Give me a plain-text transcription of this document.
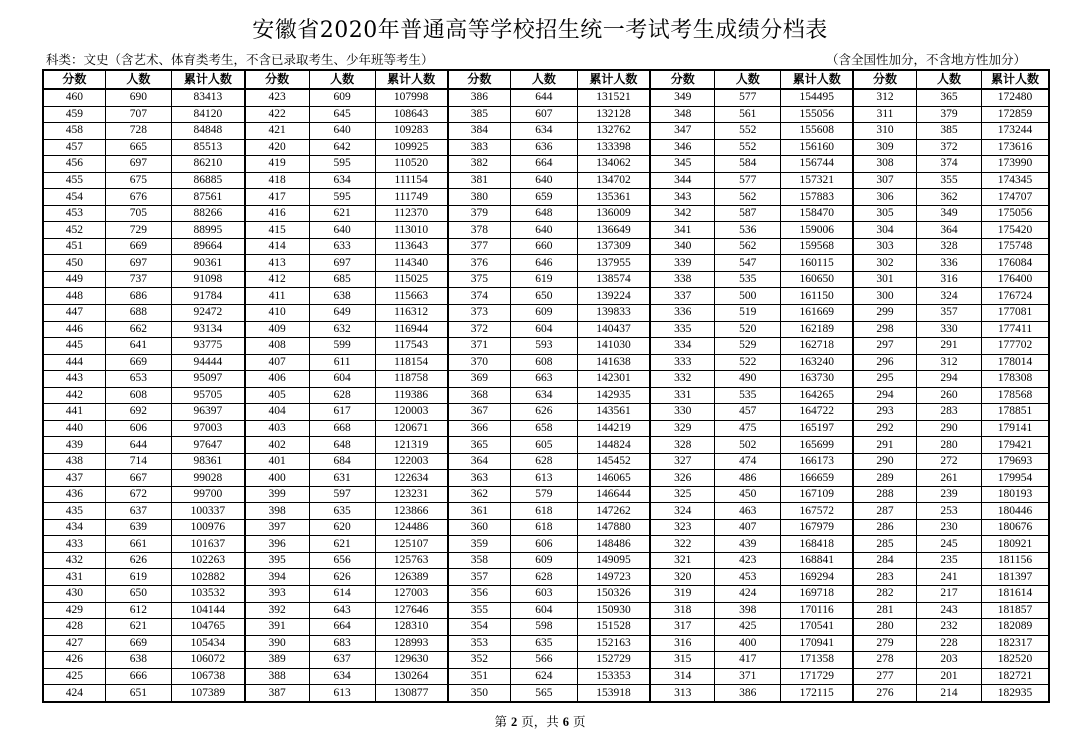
安徽省2020年普通高等学校招生统一考试考生成绩分档表
科类：文史（含艺术、体育类考生，不含已录取考生、少年班等考生）	（含全国性加分，不含地方性加分）
分数	人数	累计人数	分数	人数	累计人数	分数	人数	累计人数	分数	人数	累计人数	分数	人数	累计人数
460	690	83413	423	609	107998	386	644	131521	349	577	154495	312	365	172480
459	707	84120	422	645	108643	385	607	132128	348	561	155056	311	379	172859
458	728	84848	421	640	109283	384	634	132762	347	552	155608	310	385	173244
457	665	85513	420	642	109925	383	636	133398	346	552	156160	309	372	173616
456	697	86210	419	595	110520	382	664	134062	345	584	156744	308	374	173990
455	675	86885	418	634	111154	381	640	134702	344	577	157321	307	355	174345
454	676	87561	417	595	111749	380	659	135361	343	562	157883	306	362	174707
453	705	88266	416	621	112370	379	648	136009	342	587	158470	305	349	175056
452	729	88995	415	640	113010	378	640	136649	341	536	159006	304	364	175420
451	669	89664	414	633	113643	377	660	137309	340	562	159568	303	328	175748
450	697	90361	413	697	114340	376	646	137955	339	547	160115	302	336	176084
449	737	91098	412	685	115025	375	619	138574	338	535	160650	301	316	176400
448	686	91784	411	638	115663	374	650	139224	337	500	161150	300	324	176724
447	688	92472	410	649	116312	373	609	139833	336	519	161669	299	357	177081
446	662	93134	409	632	116944	372	604	140437	335	520	162189	298	330	177411
445	641	93775	408	599	117543	371	593	141030	334	529	162718	297	291	177702
444	669	94444	407	611	118154	370	608	141638	333	522	163240	296	312	178014
443	653	95097	406	604	118758	369	663	142301	332	490	163730	295	294	178308
442	608	95705	405	628	119386	368	634	142935	331	535	164265	294	260	178568
441	692	96397	404	617	120003	367	626	143561	330	457	164722	293	283	178851
440	606	97003	403	668	120671	366	658	144219	329	475	165197	292	290	179141
439	644	97647	402	648	121319	365	605	144824	328	502	165699	291	280	179421
438	714	98361	401	684	122003	364	628	145452	327	474	166173	290	272	179693
437	667	99028	400	631	122634	363	613	146065	326	486	166659	289	261	179954
436	672	99700	399	597	123231	362	579	146644	325	450	167109	288	239	180193
435	637	100337	398	635	123866	361	618	147262	324	463	167572	287	253	180446
434	639	100976	397	620	124486	360	618	147880	323	407	167979	286	230	180676
433	661	101637	396	621	125107	359	606	148486	322	439	168418	285	245	180921
432	626	102263	395	656	125763	358	609	149095	321	423	168841	284	235	181156
431	619	102882	394	626	126389	357	628	149723	320	453	169294	283	241	181397
430	650	103532	393	614	127003	356	603	150326	319	424	169718	282	217	181614
429	612	104144	392	643	127646	355	604	150930	318	398	170116	281	243	181857
428	621	104765	391	664	128310	354	598	151528	317	425	170541	280	232	182089
427	669	105434	390	683	128993	353	635	152163	316	400	170941	279	228	182317
426	638	106072	389	637	129630	352	566	152729	315	417	171358	278	203	182520
425	666	106738	388	634	130264	351	624	153353	314	371	171729	277	201	182721
424	651	107389	387	613	130877	350	565	153918	313	386	172115	276	214	182935
第 2 页，共 6 页
